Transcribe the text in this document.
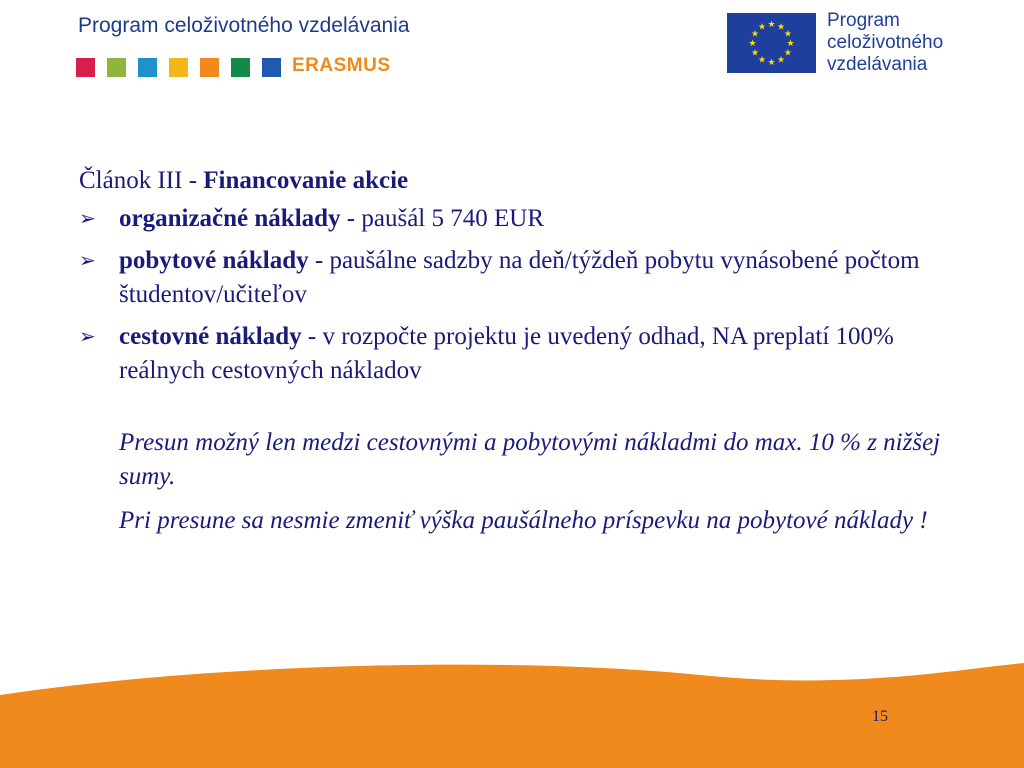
Program celoživotného vzdelávania
ERASMUS
★ ★
★
★
★
★
★
★
★
★
★
★	Program
celoživotného
vzdelávania
Článok III - Financovanie akcie
➢ organizačné náklady - paušál 5 740 EUR
➢ pobytové náklady - paušálne sadzby na deň/týždeň pobytu vynásobené počtom študentov/učiteľov
➢ cestovné náklady - v rozpočte projektu je uvedený odhad, NA preplatí 100% reálnych cestovných nákladov
Presun možný len medzi cestovnými a pobytovými nákladmi do max. 10 % z nižšej sumy.
Pri presune sa nesmie zmeniť výška paušálneho príspevku na pobytové náklady !
15
